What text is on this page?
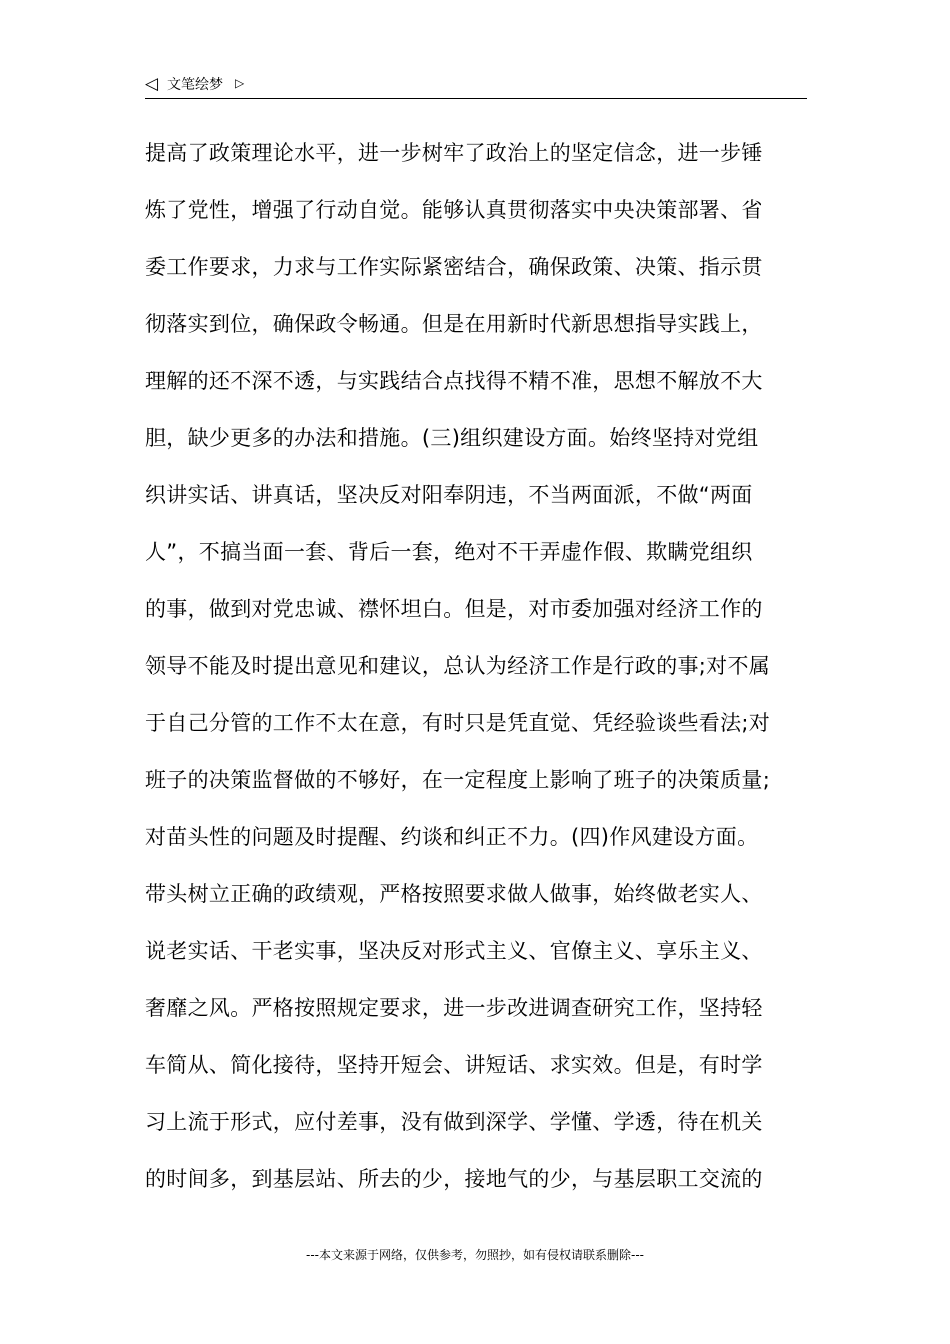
◁ 文笔绘梦 ▷
提高了政策理论水平，进一步树牢了政治上的坚定信念，进一步锤
炼了党性，增强了行动自觉。能够认真贯彻落实中央决策部署、省
委工作要求，力求与工作实际紧密结合，确保政策、决策、指示贯
彻落实到位，确保政令畅通。但是在用新时代新思想指导实践上，
理解的还不深不透，与实践结合点找得不精不准，思想不解放不大
胆，缺少更多的办法和措施。(三)组织建设方面。始终坚持对党组
织讲实话、讲真话，坚决反对阳奉阴违，不当两面派，不做“两面
人”，不搞当面一套、背后一套，绝对不干弄虚作假、欺瞒党组织
的事，做到对党忠诚、襟怀坦白。但是，对市委加强对经济工作的
领导不能及时提出意见和建议，总认为经济工作是行政的事;对不属
于自己分管的工作不太在意，有时只是凭直觉、凭经验谈些看法;对
班子的决策监督做的不够好，在一定程度上影响了班子的决策质量;
对苗头性的问题及时提醒、约谈和纠正不力。(四)作风建设方面。
带头树立正确的政绩观，严格按照要求做人做事，始终做老实人、
说老实话、干老实事，坚决反对形式主义、官僚主义、享乐主义、
奢靡之风。严格按照规定要求，进一步改进调查研究工作，坚持轻
车简从、简化接待，坚持开短会、讲短话、求实效。但是，有时学
习上流于形式，应付差事，没有做到深学、学懂、学透，待在机关
的时间多，到基层站、所去的少，接地气的少，与基层职工交流的
---本文来源于网络，仅供参考，勿照抄，如有侵权请联系删除---
